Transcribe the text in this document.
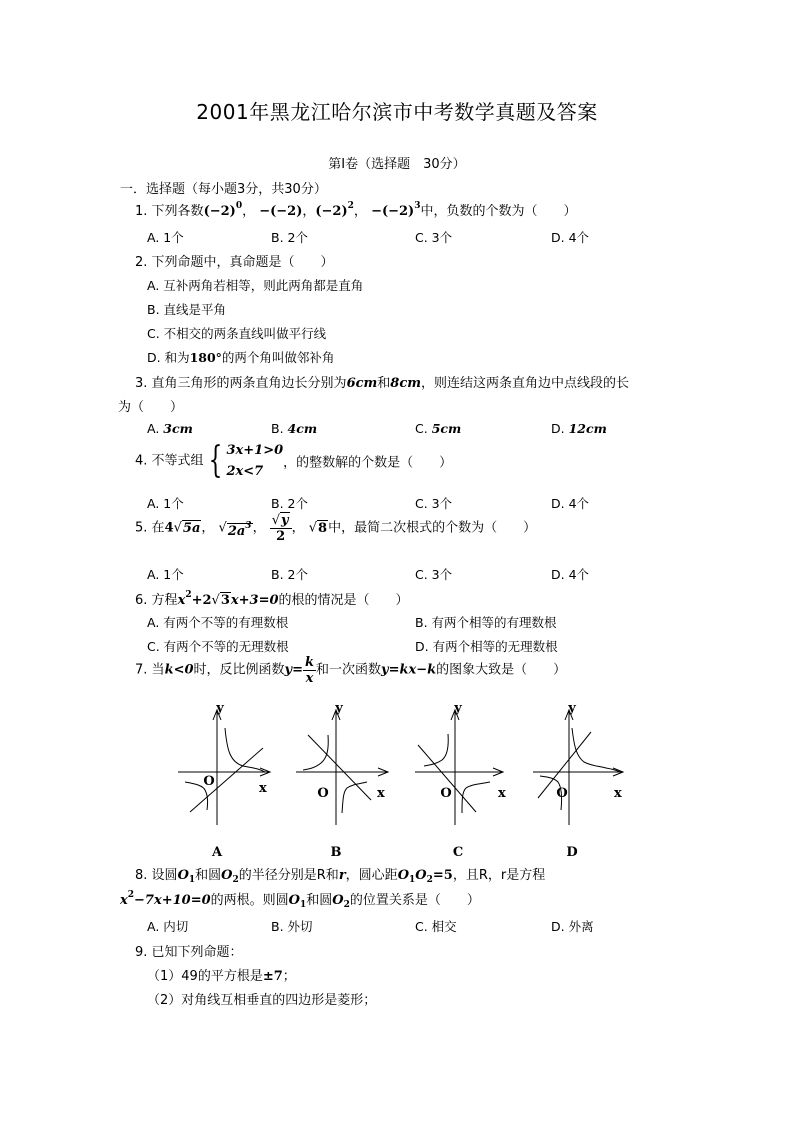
2001年黑龙江哈尔滨市中考数学真题及答案
第I卷（选择题　30分）
一．选择题（每小题3分，共30分）
1. 下列各数$(-2)^0$， −(−2)，$(-2)^2$， $-(-2)^3$中，负数的个数为（　　）
A. 1个	B. 2个	C. 3个	D. 4个
2. 下列命题中，真命题是（　　）
A. 互补两角若相等，则此两角都是直角
B. 直线是平角
C. 不相交的两条直线叫做平行线
D. 和为180°的两个角叫做邻补角
3. 直角三角形的两条直角边长分别为6cm和8cm，则连结这两条直角边中点线段的长
为（　　）
A. 3cm	B. 4cm	C. 5cm	D. 12cm
4. 不等式组 { 3x+1>0
2x<7
，的整数解的个数是（　　）
A. 1个	B. 2个	C. 3个	D. 4个
5. 在4√5a， $√2a^3$， $\frac{√y}{2}$ ， √8中，最简二次根式的个数为（　　）
A. 1个	B. 2个	C. 3个	D. 4个
6. 方程$x^2+2√3x+3=0$的根的情况是（　　）
A. 有两个不等的有理数根	B. 有两个相等的有理数根
C. 有两个不等的无理数根	D. 有两个相等的无理数根
7. 当k<0时，反比例函数$y= \frac{k}{x}$ 和一次函数y=kx−k的图象大致是（　　）
O	x
y
A
O	x
y
B
O	x
y
C
O	x
y
D
8. 设圆$O_1$和圆$O_2$的半径分别是R和r，圆心距$O_1O_2=5$，且R，r是方程
$x^2-7x+10=0$的两根。则圆$O_1$和圆$O_2$的位置关系是（　　）
A. 内切	B. 外切	C. 相交	D. 外离
9. 已知下列命题：
（1）49的平方根是±7；
（2）对角线互相垂直的四边形是菱形；
